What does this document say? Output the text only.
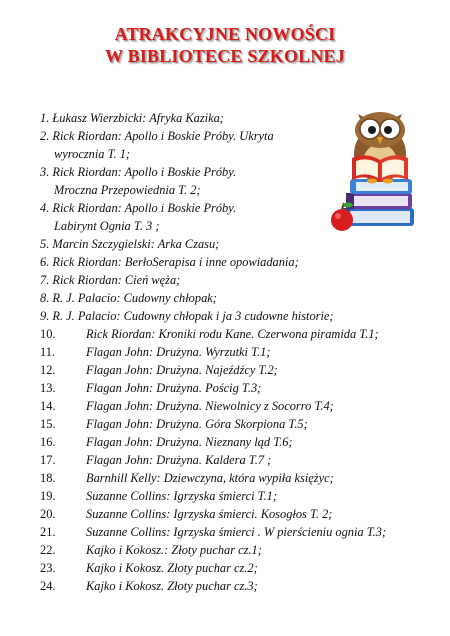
ATRAKCYJNE NOWOŚCI
W BIBLIOTECE SZKOLNEJ
1. Łukasz Wierzbicki: Afryka Kazika;
2. Rick Riordan: Apollo i Boskie Próby. Ukryta
wyrocznia T. 1;
3. Rick Riordan: Apollo i Boskie Próby.
Mroczna Przepowiednia T. 2;
4. Rick Riordan: Apollo i Boskie Próby.
Labirynt Ognia T. 3 ;
5. Marcin Szczygielski: Arka Czasu;
6. Rick Riordan: BerłoSerapisa i inne opowiadania;
7. Rick Riordan: Cień węża;
8. R. J. Palacio: Cudowny chłopak;
9. R. J. Palacio: Cudowny chłopak i ja 3 cudowne historie;
10. Rick Riordan: Kroniki rodu Kane. Czerwona piramida T.1;
11. Flagan John: Drużyna. Wyrzutki T.1;
12. Flagan John: Drużyna. Najeźdźcy T.2;
13. Flagan John: Drużyna. Pościg T.3;
14. Flagan John: Drużyna. Niewolnicy z Socorro T.4;
15. Flagan John: Drużyna. Góra Skorpiona T.5;
16. Flagan John: Drużyna. Nieznany ląd T.6;
17. Flagan John: Drużyna. Kaldera T.7 ;
18. Barnhill Kelly: Dziewczyna, która wypiła księżyc;
19. Suzanne Collins: Igrzyska śmierci T.1;
20. Suzanne Collins: Igrzyska śmierci. Kosogłos T. 2;
21. Suzanne Collins: Igrzyska śmierci . W pierścieniu ognia T.3;
22. Kajko i Kokosz.: Złoty puchar cz.1;
23. Kajko i Kokosz. Złoty puchar cz.2;
24. Kajko i Kokosz. Złoty puchar cz.3;
